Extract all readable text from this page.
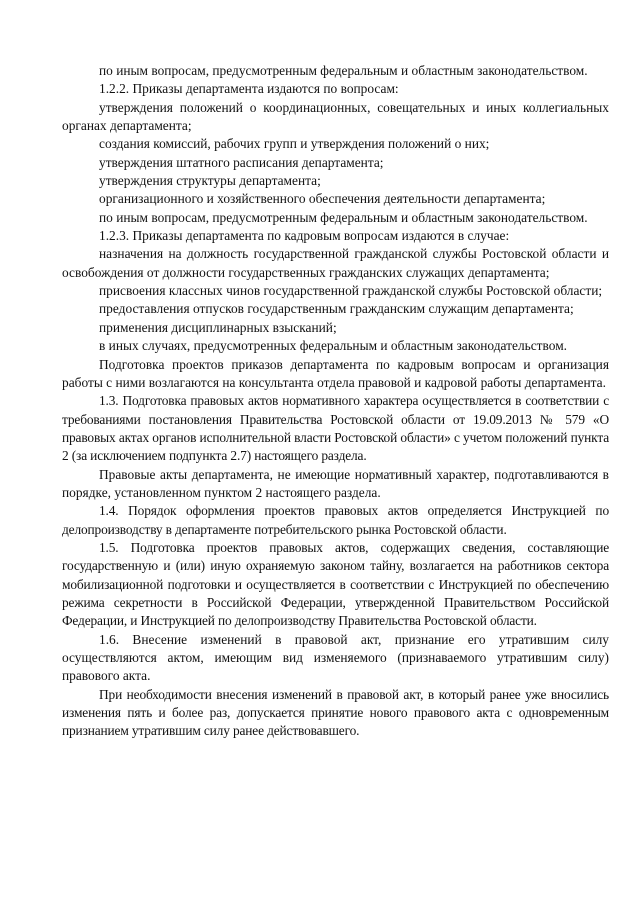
по иным вопросам, предусмотренным федеральным и областным законодательством.

1.2.2. Приказы департамента издаются по вопросам:

утверждения положений о координационных, совещательных и иных коллегиальных органах департамента;

создания комиссий, рабочих групп и утверждения положений о них;

утверждения штатного расписания департамента;

утверждения структуры департамента;

организационного и хозяйственного обеспечения деятельности департамента;

по иным вопросам, предусмотренным федеральным и областным законодательством.

1.2.3. Приказы департамента по кадровым вопросам издаются в случае:

назначения на должность государственной гражданской службы Ростовской области и освобождения от должности государственных гражданских служащих департамента;

присвоения классных чинов государственной гражданской службы Ростовской области;

предоставления отпусков государственным гражданским служащим департамента;

применения дисциплинарных взысканий;

в иных случаях, предусмотренных федеральным и областным законодательством.

Подготовка проектов приказов департамента по кадровым вопросам и организация работы с ними возлагаются на консультанта отдела правовой и кадровой работы департамента.

1.3. Подготовка правовых актов нормативного характера осуществляется в соответствии с требованиями постановления Правительства Ростовской области от 19.09.2013 № 579 «О правовых актах органов исполнительной власти Ростовской области» с учетом положений пункта 2 (за исключением подпункта 2.7) настоящего раздела.

Правовые акты департамента, не имеющие нормативный характер, подготавливаются в порядке, установленном пунктом 2 настоящего раздела.

1.4. Порядок оформления проектов правовых актов определяется Инструкцией по делопроизводству в департаменте потребительского рынка Ростовской области.

1.5. Подготовка проектов правовых актов, содержащих сведения, составляющие государственную и (или) иную охраняемую законом тайну, возлагается на работников сектора мобилизационной подготовки и осуществляется в соответствии с Инструкцией по обеспечению режима секретности в Российской Федерации, утвержденной Правительством Российской Федерации, и Инструкцией по делопроизводству Правительства Ростовской области.

1.6. Внесение изменений в правовой акт, признание его утратившим силу осуществляются актом, имеющим вид изменяемого (признаваемого утратившим силу) правового акта.

При необходимости внесения изменений в правовой акт, в который ранее уже вносились изменения пять и более раз, допускается принятие нового правового акта с одновременным признанием утратившим силу ранее действовавшего.
